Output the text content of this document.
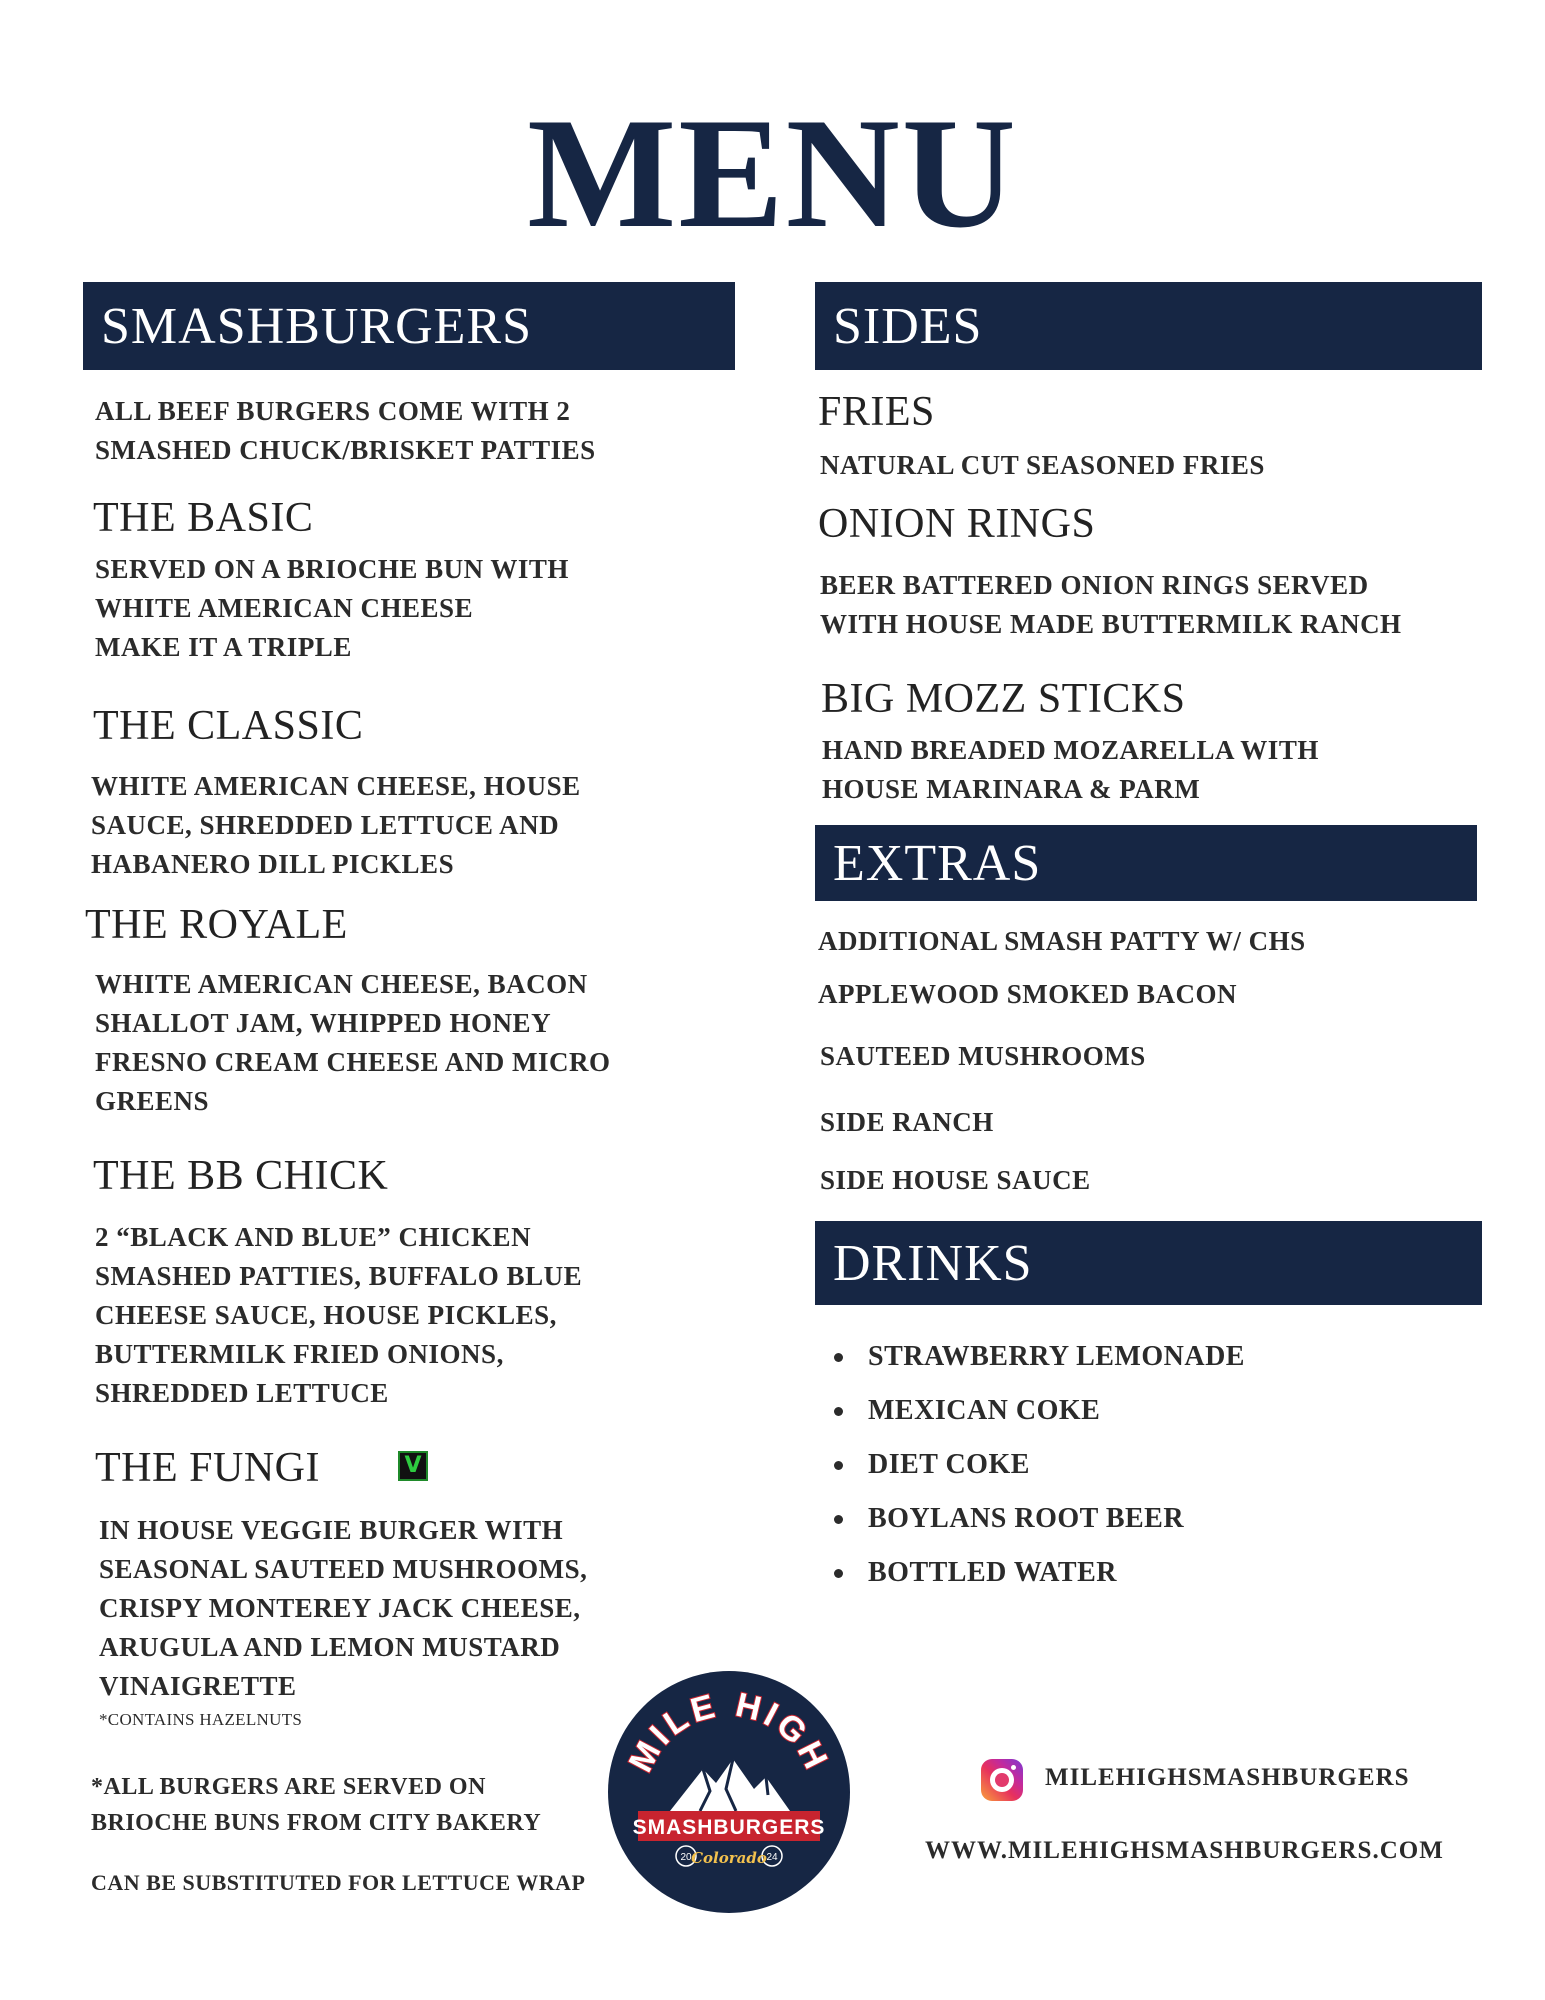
MENU
SMASHBURGERS
ALL BEEF BURGERS COME WITH 2
SMASHED CHUCK/BRISKET PATTIES
THE BASIC
SERVED ON A BRIOCHE BUN WITH
WHITE AMERICAN CHEESE
MAKE IT A TRIPLE
THE CLASSIC
WHITE AMERICAN CHEESE, HOUSE
SAUCE, SHREDDED LETTUCE AND
HABANERO DILL PICKLES
THE ROYALE
WHITE AMERICAN CHEESE, BACON
SHALLOT JAM, WHIPPED HONEY
FRESNO CREAM CHEESE AND MICRO
GREENS
THE BB CHICK
2 “BLACK AND BLUE” CHICKEN
SMASHED PATTIES, BUFFALO BLUE
CHEESE SAUCE, HOUSE PICKLES,
BUTTERMILK FRIED ONIONS,
SHREDDED LETTUCE
THE FUNGI	V
IN HOUSE VEGGIE BURGER WITH
SEASONAL SAUTEED MUSHROOMS,
CRISPY MONTEREY JACK CHEESE,
ARUGULA AND LEMON MUSTARD
VINAIGRETTE
*CONTAINS HAZELNUTS
*ALL BURGERS ARE SERVED ON
BRIOCHE BUNS FROM CITY BAKERY
CAN BE SUBSTITUTED FOR LETTUCE WRAP
SIDES
FRIES
NATURAL CUT SEASONED FRIES
ONION RINGS
BEER BATTERED ONION RINGS SERVED
WITH HOUSE MADE BUTTERMILK RANCH
BIG MOZZ STICKS
HAND BREADED MOZARELLA WITH
HOUSE MARINARA & PARM
EXTRAS
ADDITIONAL SMASH PATTY W/ CHS
APPLEWOOD SMOKED BACON
SAUTEED MUSHROOMS
SIDE RANCH
SIDE HOUSE SAUCE
DRINKS
STRAWBERRY LEMONADE
MEXICAN COKE
DIET COKE
BOYLANS ROOT BEER
BOTTLED WATER
MILE HIGH
SMASHBURGERS
20	24
Colorado
MILEHIGHSMASHBURGERS
WWW.MILEHIGHSMASHBURGERS.COM
